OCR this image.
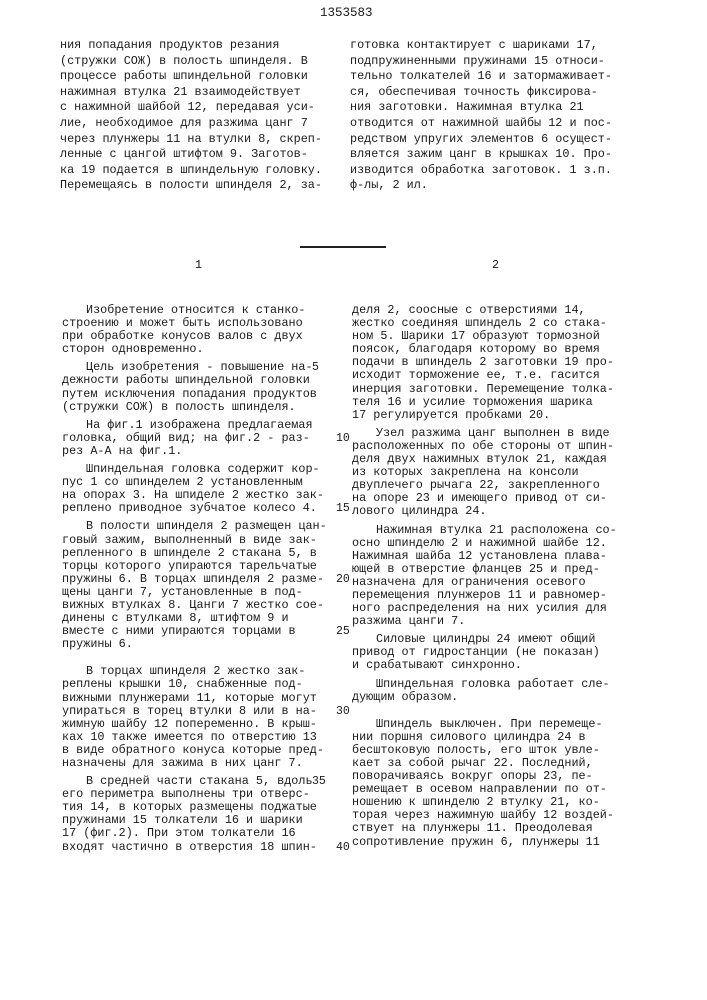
1353583
ния попадания продуктов резания
(стружки СОЖ) в полость шпинделя. В
процессе работы шпиндельной головки
нажимная втулка 21 взаимодействует
с нажимной шайбой 12, передавая уси-
лие, необходимое для разжима цанг 7
через плунжеры 11 на втулки 8, скреп-
ленные с цангой штифтом 9. Заготов-
ка 19 подается в шпиндельную головку.
Перемещаясь в полости шпинделя 2, за-
готовка контактирует с шариками 17,
подпружиненными пружинами 15 относи-
тельно толкателей 16 и затормаживает-
ся, обеспечивая точность фиксирова-
ния заготовки. Нажимная втулка 21
отводится от нажимной шайбы 12 и пос-
редством упругих элементов 6 осущест-
вляется зажим цанг в крышках 10. Про-
изводится обработка заготовок. 1 з.п.
ф-лы, 2 ил.
1	2
Изобретение относится к станко-
строению и может быть использовано
при обработке конусов валов с двух
сторон одновременно.
Цель изобретения - повышение на- 5
дежности работы шпиндельной головки
путем исключения попадания продуктов
(стружки СОЖ) в полость шпинделя.
На фиг.1 изображена предлагаемая
головка, общий вид; на фиг.2 - раз- 10
рез А-А на фиг.1.
Шпиндельная головка содержит кор-
пус 1 со шпинделем 2 установленным
на опорах 3. На шпиделе 2 жестко зак-
реплено приводное зубчатое колесо 4. 15
В полости шпинделя 2 размещен цан-
говый зажим, выполненный в виде зак-
репленного в шпинделе 2 стакана 5, в
торцы которого упираются тарельчатые
пружины 6. В торцах шпинделя 2 разме- 20
щены цанги 7, установленные в под-
вижных втулках 8. Цанги 7 жестко сое-
динены с втулками 8, штифтом 9 и
вместе с ними упираются торцами в	25
пружины 6.
В торцах шпинделя 2 жестко зак-
реплены крышки 10, снабженные под-
вижными плунжерами 11, которые могут
упираться в торец втулки 8 или в на- 30
жимную шайбу 12 попеременно. В крыш-
ках 10 также имеется по отверстию 13
в виде обратного конуса которые пред-
назначены для зажима в них цанг 7.
В средней части стакана 5, вдоль 35
его периметра выполнены три отверс-
тия 14, в которых размещены поджатые
пружинами 15 толкатели 16 и шарики
17 (фиг.2). При этом толкатели 16
входят частично в отверстия 18 шпин- 40
деля 2, соосные с отверстиями 14,
жестко соединяя шпиндель 2 со стака-
ном 5. Шарики 17 образуют тормозной
поясок, благодаря которому во время
подачи в шпиндель 2 заготовки 19 про-
исходит торможение ее, т.е. гасится
инерция заготовки. Перемещение толка-
теля 16 и усилие торможения шарика
17 регулируется пробками 20.
Узел разжима цанг выполнен в виде
расположенных по обе стороны от шпин-
деля двух нажимных втулок 21, каждая
из которых закреплена на консоли
двуплечего рычага 22, закрепленного
на опоре 23 и имеющего привод от си-
лового цилиндра 24.
Нажимная втулка 21 расположена со-
осно шпинделю 2 и нажимной шайбе 12.
Нажимная шайба 12 установлена плава-
ющей в отверстие фланцев 25 и пред-
назначена для ограничения осевого
перемещения плунжеров 11 и равномер-
ного распределения на них усилия для
разжима цанги 7.
Силовые цилиндры 24 имеют общий
привод от гидростанции (не показан)
и срабатывают синхронно.
Шпиндельная головка работает сле-
дующим образом.
Шпиндель выключен. При перемеще-
нии поршня силового цилиндра 24 в
бесштоковую полость, его шток увле-
кает за собой рычаг 22. Последний,
поворачиваясь вокруг опоры 23, пе-
ремещает в осевом направлении по от-
ношению к шпинделю 2 втулку 21, ко-
торая через нажимную шайбу 12 воздей-
ствует на плунжеры 11. Преодолевая
сопротивление пружин 6, плунжеры 11
